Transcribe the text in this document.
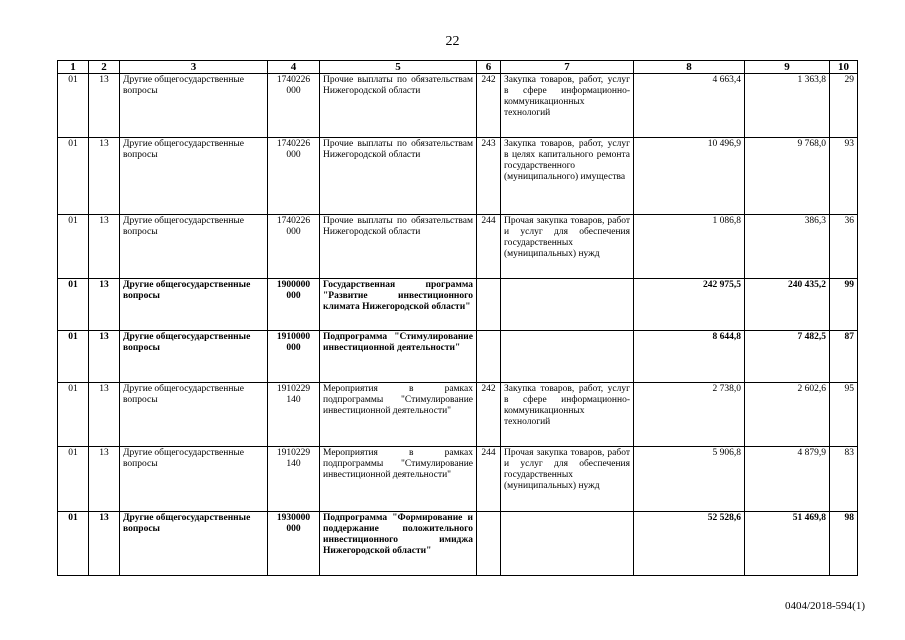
22
1	2	3	4	5	6	7	8	9	10
01	13	Другие общегосударственные вопросы	1740226 000	Прочие выплаты по обязательствам Нижегородской области	242	Закупка товаров, работ, услуг в сфере информационно-коммуникационных технологий	4 663,4	1 363,8	29
01	13	Другие общегосударственные вопросы	1740226 000	Прочие выплаты по обязательствам Нижегородской области	243	Закупка товаров, работ, услуг в целях капитального ремонта государственного (муниципального) имущества	10 496,9	9 768,0	93
01	13	Другие общегосударственные вопросы	1740226 000	Прочие выплаты по обязательствам Нижегородской области	244	Прочая закупка товаров, работ и услуг для обеспечения государственных (муниципальных) нужд	1 086,8	386,3	36
01	13	Другие общегосударственные вопросы	1900000 000	Государственная программа "Развитие инвестиционного климата Нижегородской области"			242 975,5	240 435,2	99
01	13	Другие общегосударственные вопросы	1910000 000	Подпрограмма "Стимулирование инвестиционной деятельности"			8 644,8	7 482,5	87
01	13	Другие общегосударственные вопросы	1910229 140	Мероприятия в рамках подпрограммы "Стимулирование инвестиционной деятельности"	242	Закупка товаров, работ, услуг в сфере информационно-коммуникационных технологий	2 738,0	2 602,6	95
01	13	Другие общегосударственные вопросы	1910229 140	Мероприятия в рамках подпрограммы "Стимулирование инвестиционной деятельности"	244	Прочая закупка товаров, работ и услуг для обеспечения государственных (муниципальных) нужд	5 906,8	4 879,9	83
01	13	Другие общегосударственные вопросы	1930000 000	Подпрограмма "Формирование и поддержание положительного инвестиционного имиджа Нижегородской области"			52 528,6	51 469,8	98
0404/2018-594(1)
